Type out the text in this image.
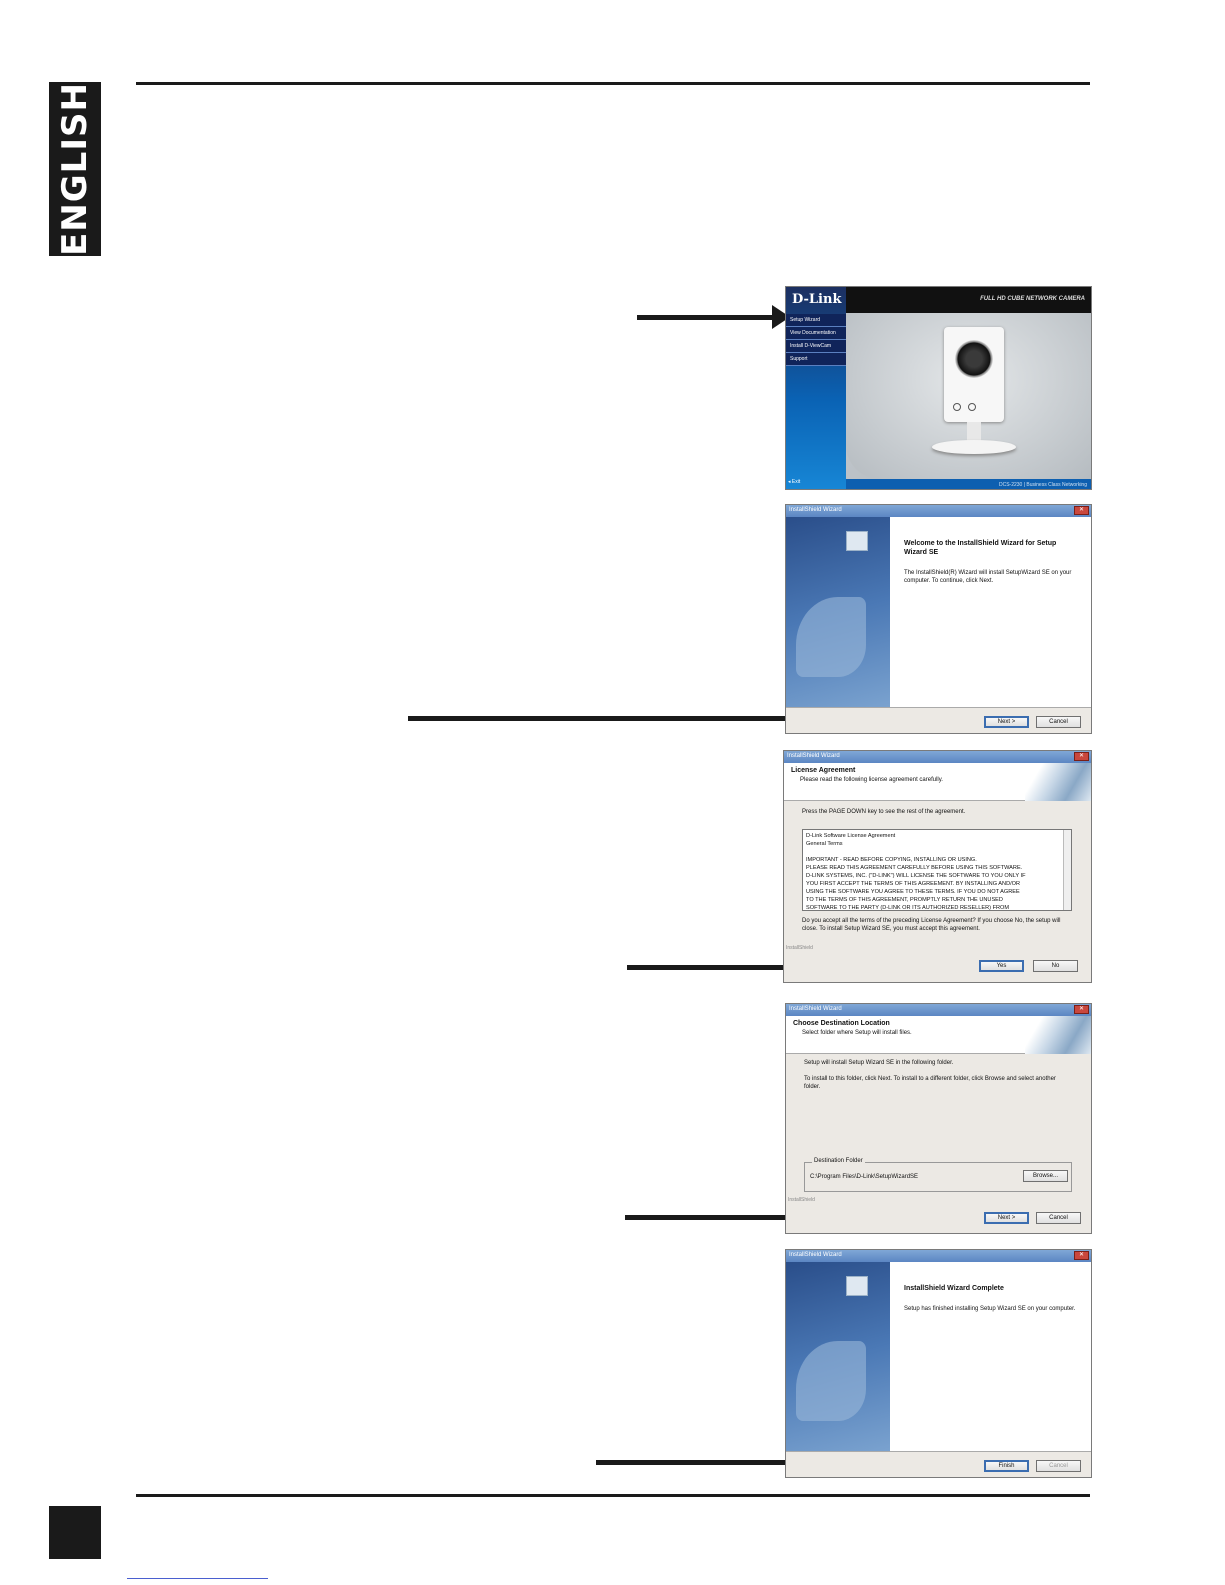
ENGLISH
D-Link	FULL HD CUBE NETWORK CAMERA
Setup Wizard
View Documentation
Install D-ViewCam
Support
DCS-2230 | Business Class Networking
◂ Exit
InstallShield Wizard	✕
Welcome to the InstallShield Wizard for Setup Wizard SE
The InstallShield(R) Wizard will install SetupWizard SE on your computer. To continue, click Next.
Next >	Cancel
InstallShield Wizard	✕
License Agreement
Please read the following license agreement carefully.
Press the PAGE DOWN key to see the rest of the agreement.
D-Link Software License Agreement
General Terms
IMPORTANT - READ BEFORE COPYING, INSTALLING OR USING.
PLEASE READ THIS AGREEMENT CAREFULLY BEFORE USING THIS SOFTWARE.
D-LINK SYSTEMS, INC. ("D-LINK") WILL LICENSE THE SOFTWARE TO YOU ONLY IF
YOU FIRST ACCEPT THE TERMS OF THIS AGREEMENT. BY INSTALLING AND/OR
USING THE SOFTWARE YOU AGREE TO THESE TERMS. IF YOU DO NOT AGREE
TO THE TERMS OF THIS AGREEMENT, PROMPTLY RETURN THE UNUSED
SOFTWARE TO THE PARTY (D-LINK OR ITS AUTHORIZED RESELLER) FROM
Do you accept all the terms of the preceding License Agreement? If you choose No, the setup will close. To install Setup Wizard SE, you must accept this agreement.
InstallShield
Yes	No
InstallShield Wizard	✕
Choose Destination Location
Select folder where Setup will install files.
Setup will install Setup Wizard SE in the following folder.
To install to this folder, click Next. To install to a different folder, click Browse and select another folder.
Destination Folder
C:\Program Files\D-Link\SetupWizardSE	Browse...
InstallShield
Next >	Cancel
InstallShield Wizard	✕
InstallShield Wizard Complete
Setup has finished installing Setup Wizard SE on your computer.
Finish	Cancel
